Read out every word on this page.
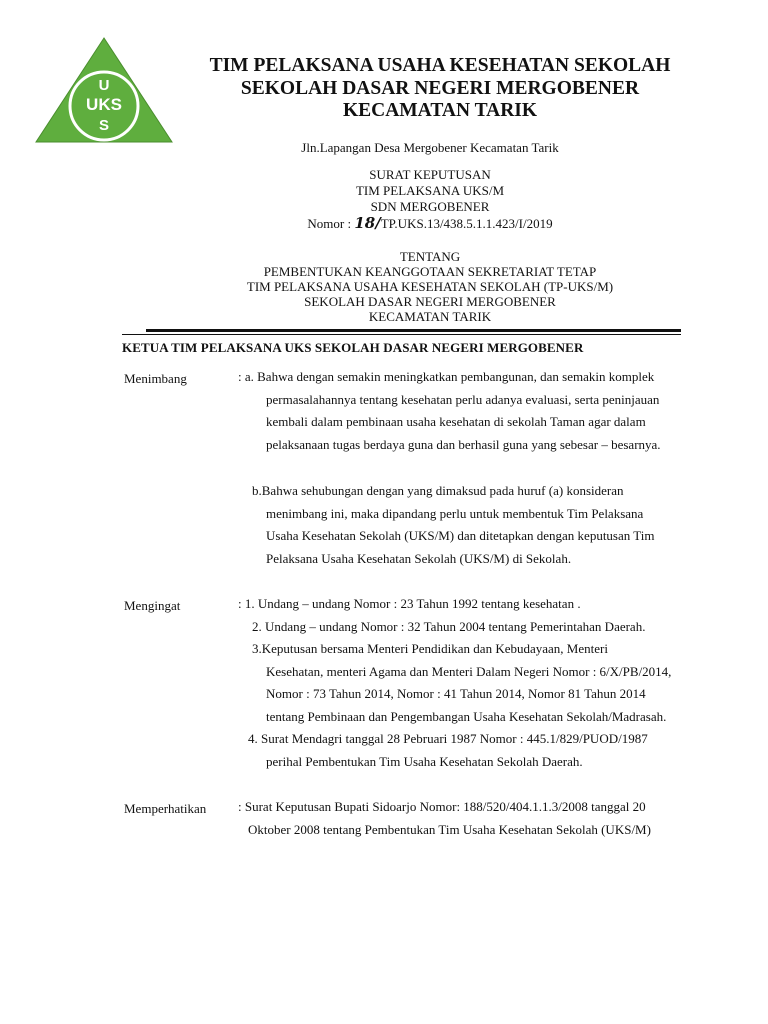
U
UKS
S
TIM PELAKSANA USAHA KESEHATAN SEKOLAH
SEKOLAH DASAR NEGERI MERGOBENER
KECAMATAN TARIK
Jln.Lapangan Desa Mergobener Kecamatan Tarik
SURAT KEPUTUSAN
TIM PELAKSANA UKS/M
SDN MERGOBENER
Nomor : 18/TP.UKS.13/438.5.1.1.423/I/2019
TENTANG
PEMBENTUKAN KEANGGOTAAN SEKRETARIAT TETAP
TIM PELAKSANA USAHA KESEHATAN SEKOLAH (TP-UKS/M)
SEKOLAH DASAR NEGERI MERGOBENER
KECAMATAN TARIK
KETUA TIM PELAKSANA UKS SEKOLAH DASAR NEGERI MERGOBENER
Menimbang	: a. Bahwa dengan semakin meningkatkan pembangunan, dan semakin komplek

permasalahannya tentang kesehatan perlu adanya evaluasi, serta peninjauan

kembali dalam pembinaan usaha kesehatan di sekolah Taman agar dalam

pelaksanaan tugas berdaya guna dan berhasil guna yang sebesar – besarnya.

b.Bahwa sehubungan dengan yang dimaksud pada huruf (a) konsideran

menimbang ini, maka dipandang perlu untuk membentuk Tim Pelaksana

Usaha Kesehatan Sekolah (UKS/M) dan ditetapkan dengan keputusan Tim

Pelaksana Usaha Kesehatan Sekolah (UKS/M) di Sekolah.

Mengingat	: 1. Undang – undang Nomor : 23 Tahun 1992 tentang kesehatan .

2. Undang – undang Nomor : 32 Tahun 2004 tentang Pemerintahan Daerah.

3.Keputusan bersama Menteri Pendidikan dan Kebudayaan, Menteri

Kesehatan, menteri Agama dan Menteri Dalam Negeri Nomor : 6/X/PB/2014,

Nomor : 73 Tahun 2014, Nomor : 41 Tahun 2014, Nomor 81 Tahun 2014

tentang Pembinaan dan Pengembangan Usaha Kesehatan Sekolah/Madrasah.

4. Surat Mendagri tanggal 28 Pebruari 1987 Nomor : 445.1/829/PUOD/1987

perihal Pembentukan Tim Usaha Kesehatan Sekolah Daerah.

Memperhatikan : Surat Keputusan Bupati Sidoarjo Nomor: 188/520/404.1.1.3/2008 tanggal 20

Oktober 2008 tentang Pembentukan Tim Usaha Kesehatan Sekolah (UKS/M)
